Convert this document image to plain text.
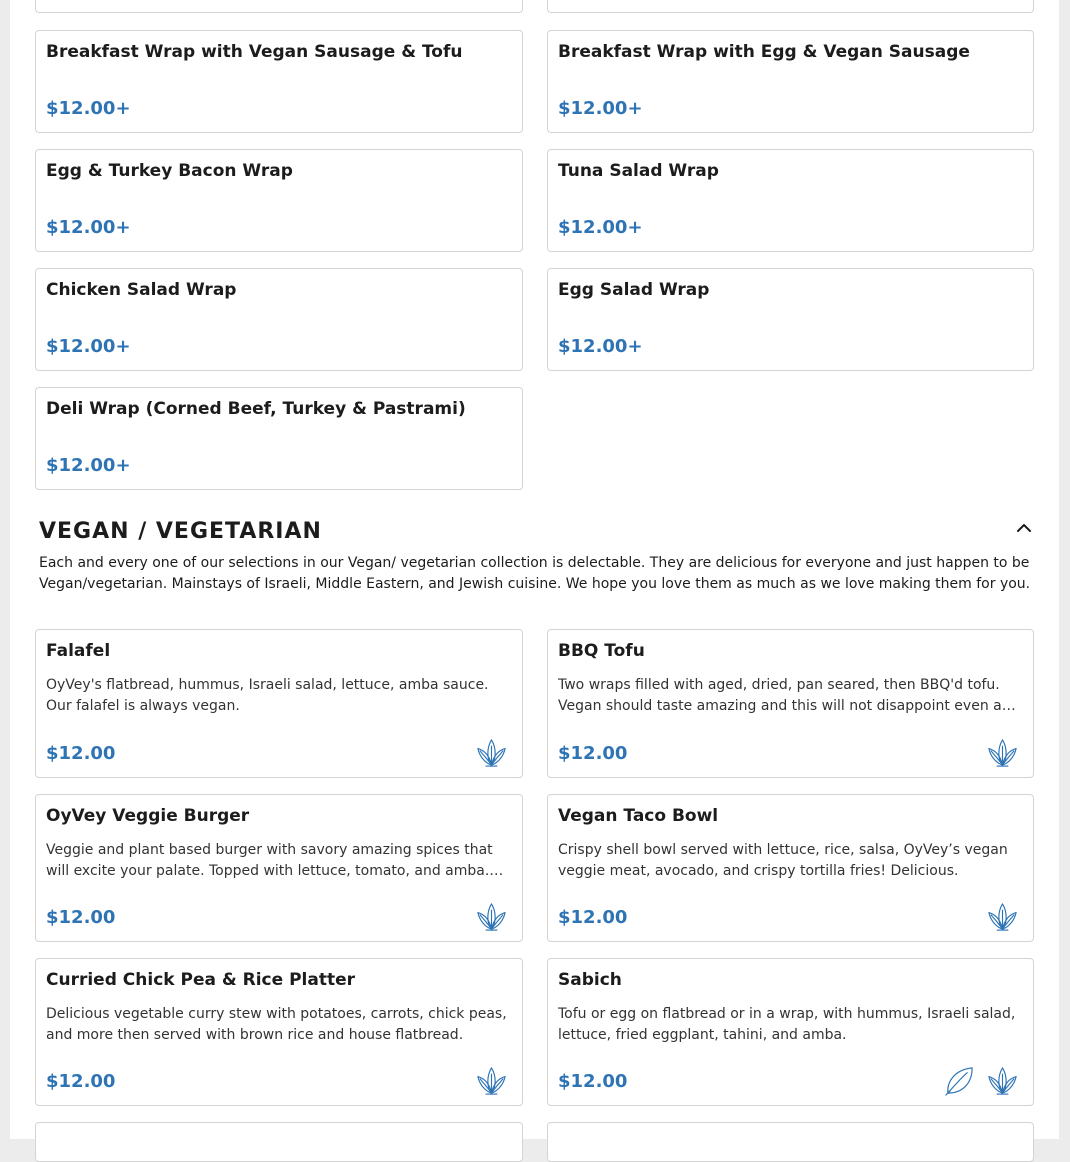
Breakfast Wrap with Vegan Sausage & Tofu
$12.00+
Breakfast Wrap with Egg & Vegan Sausage
$12.00+
Egg & Turkey Bacon Wrap
$12.00+
Tuna Salad Wrap
$12.00+
Chicken Salad Wrap
$12.00+
Egg Salad Wrap
$12.00+
Deli Wrap (Corned Beef, Turkey & Pastrami)
$12.00+
VEGAN / VEGETARIAN

Each and every one of our selections in our Vegan/ vegetarian collection is delectable. They are delicious for everyone and just happen to be Vegan/vegetarian. Mainstays of Israeli, Middle Eastern, and Jewish cuisine. We hope you love them as much as we love making them for you.

Falafel
OyVey's flatbread, hummus, Israeli salad, lettuce, amba sauce. Our falafel is always vegan.
$12.00
BBQ Tofu
Two wraps filled with aged, dried, pan seared, then BBQ'd tofu. Vegan should taste amazing and this will not disappoint even a…
$12.00
OyVey Veggie Burger
Veggie and plant based burger with savory amazing spices that will excite your palate. Topped with lettuce, tomato, and amba.…
$12.00
Vegan Taco Bowl
Crispy shell bowl served with lettuce, rice, salsa, OyVey’s vegan veggie meat, avocado, and crispy tortilla fries! Delicious.
$12.00
Curried Chick Pea & Rice Platter
Delicious vegetable curry stew with potatoes, carrots, chick peas, and more then served with brown rice and house flatbread.
$12.00
Sabich
Tofu or egg on flatbread or in a wrap, with hummus, Israeli salad, lettuce, fried eggplant, tahini, and amba.
$12.00
